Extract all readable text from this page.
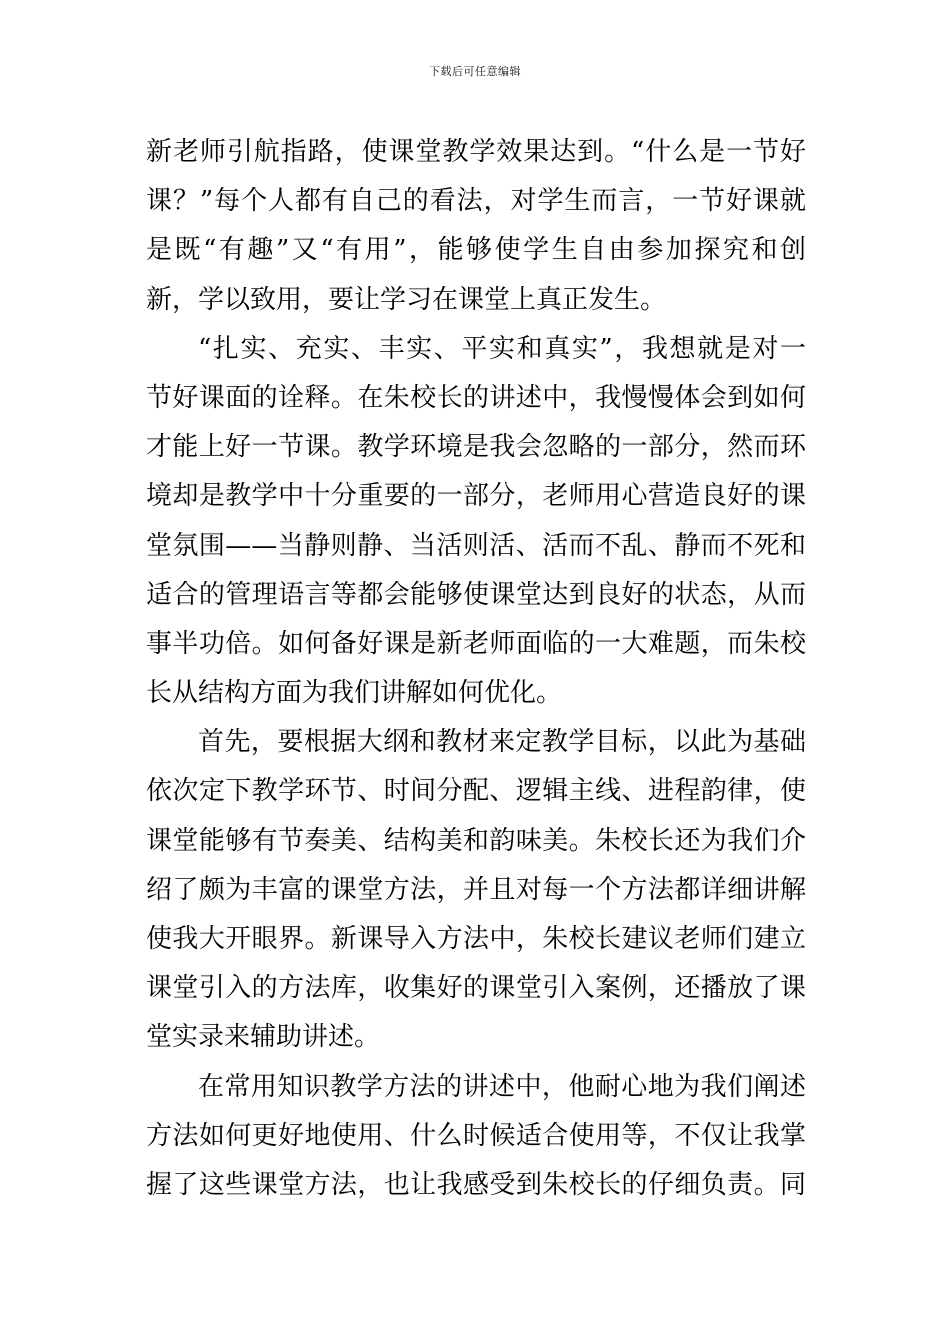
下载后可任意编辑
新老师引航指路，使课堂教学效果达到。“什么是一节好
课？”每个人都有自己的看法，对学生而言，一节好课就
是既“有趣”又“有用”，能够使学生自由参加探究和创
新，学以致用，要让学习在课堂上真正发生。
“扎实、充实、丰实、平实和真实”，我想就是对一
节好课面的诠释。在朱校长的讲述中，我慢慢体会到如何
才能上好一节课。教学环境是我会忽略的一部分，然而环
境却是教学中十分重要的一部分，老师用心营造良好的课
堂氛围——当静则静、当活则活、活而不乱、静而不死和
适合的管理语言等都会能够使课堂达到良好的状态，从而
事半功倍。如何备好课是新老师面临的一大难题，而朱校
长从结构方面为我们讲解如何优化。
首先，要根据大纲和教材来定教学目标，以此为基础
依次定下教学环节、时间分配、逻辑主线、进程韵律，使
课堂能够有节奏美、结构美和韵味美。朱校长还为我们介
绍了颇为丰富的课堂方法，并且对每一个方法都详细讲解
使我大开眼界。新课导入方法中，朱校长建议老师们建立
课堂引入的方法库，收集好的课堂引入案例，还播放了课
堂实录来辅助讲述。
在常用知识教学方法的讲述中，他耐心地为我们阐述
方法如何更好地使用、什么时候适合使用等，不仅让我掌
握了这些课堂方法，也让我感受到朱校长的仔细负责。同
